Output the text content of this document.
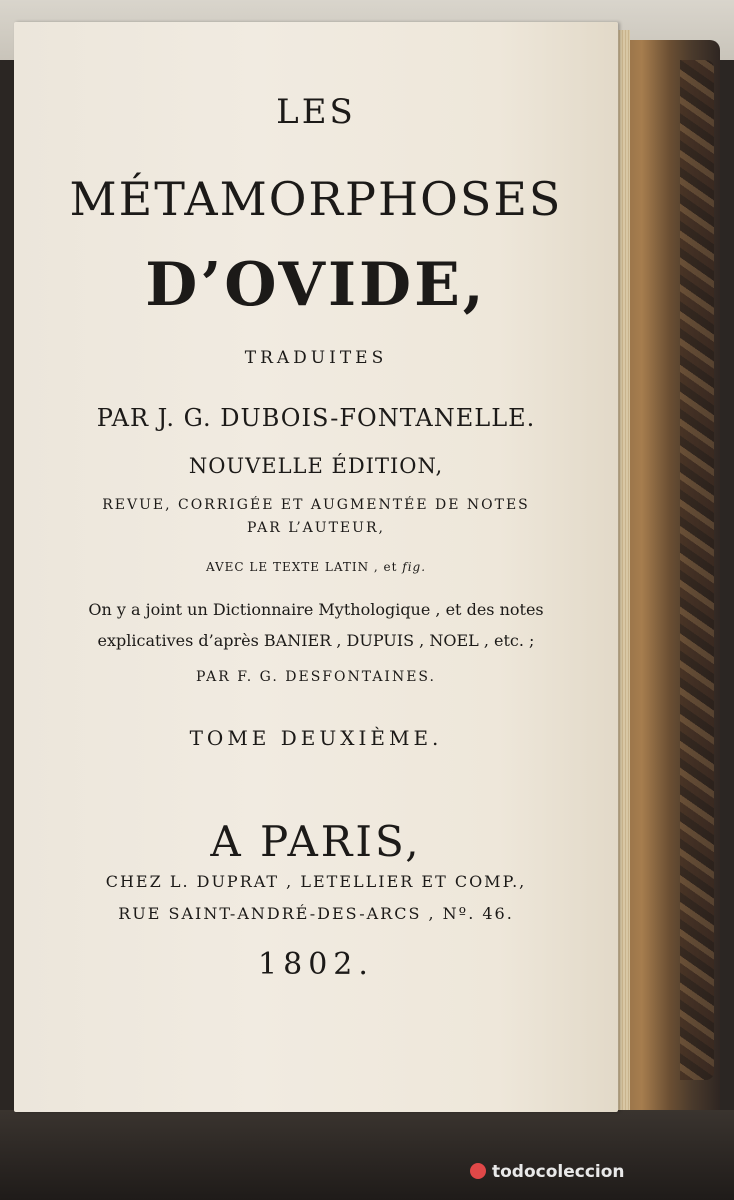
LES
MÉTAMORPHOSES
D’OVIDE,
TRADUITES
PAR J. G. DUBOIS-FONTANELLE.
NOUVELLE ÉDITION,
REVUE, CORRIGÉE ET AUGMENTÉE DE NOTES
PAR L’AUTEUR,
AVEC LE TEXTE LATIN , et fig.
On y a joint un Dictionnaire Mythologique , et des notes
explicatives d’après BANIER , DUPUIS , NOEL , etc. ;
PAR F. G. DESFONTAINES.
TOME DEUXIÈME.
A PARIS,
CHEZ L. DUPRAT , LETELLIER ET COMP.,
RUE SAINT-ANDRÉ-DES-ARCS , Nº. 46.
1802.
todocoleccion
